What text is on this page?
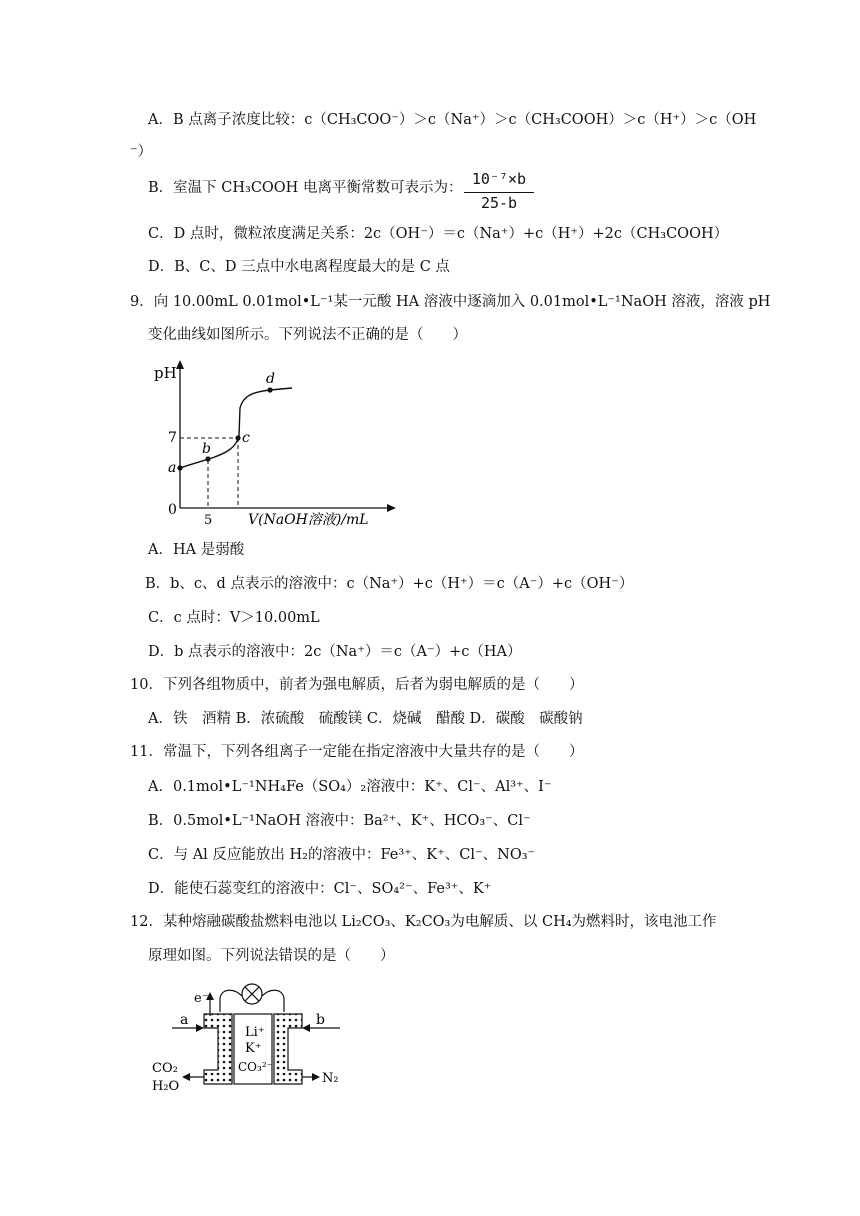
A．B 点离子浓度比较：c（CH₃COO⁻）＞c（Na⁺）＞c（CH₃COOH）＞c（H⁺）＞c（OH
⁻）
B．室温下 CH₃COOH 电离平衡常数可表示为： 10⁻⁷×b
25-b
C．D 点时，微粒浓度满足关系：2c（OH⁻）＝c（Na⁺）+c（H⁺）+2c（CH₃COOH）
D．B、C、D 三点中水电离程度最大的是 C 点
9．向 10.00mL 0.01mol•L⁻¹某一元酸 HA 溶液中逐滴加入 0.01mol•L⁻¹NaOH 溶液，溶液 pH
变化曲线如图所示。下列说法不正确的是（　　）
pH
7
a
b
c
d
0
5	V(NaOH溶液)/mL
A．HA 是弱酸
B．b、c、d 点表示的溶液中：c（Na⁺）+c（H⁺）＝c（A⁻）+c（OH⁻）
C．c 点时：V＞10.00mL
D．b 点表示的溶液中：2c（Na⁺）＝c（A⁻）+c（HA）
10．下列各组物质中，前者为强电解质，后者为弱电解质的是（　　）
A．铁　酒精 B．浓硫酸　硫酸镁 C．烧碱　醋酸 D．碳酸　碳酸钠
11．常温下，下列各组离子一定能在指定溶液中大量共存的是（　　）
A．0.1mol•L⁻¹NH₄Fe（SO₄）₂溶液中：K⁺、Cl⁻、Al³⁺、I⁻
B．0.5mol•L⁻¹NaOH 溶液中：Ba²⁺、K⁺、HCO₃⁻、Cl⁻
C．与 Al 反应能放出 H₂的溶液中：Fe³⁺、K⁺、Cl⁻、NO₃⁻
D．能使石蕊变红的溶液中：Cl⁻、SO₄²⁻、Fe³⁺、K⁺
12．某种熔融碳酸盐燃料电池以 Li₂CO₃、K₂CO₃为电解质、以 CH₄为燃料时，该电池工作
原理如图。下列说法错误的是（　　）
e⁻
Li⁺
K⁺
CO₃²⁻
a	b
CO₂
H₂O
N₂
